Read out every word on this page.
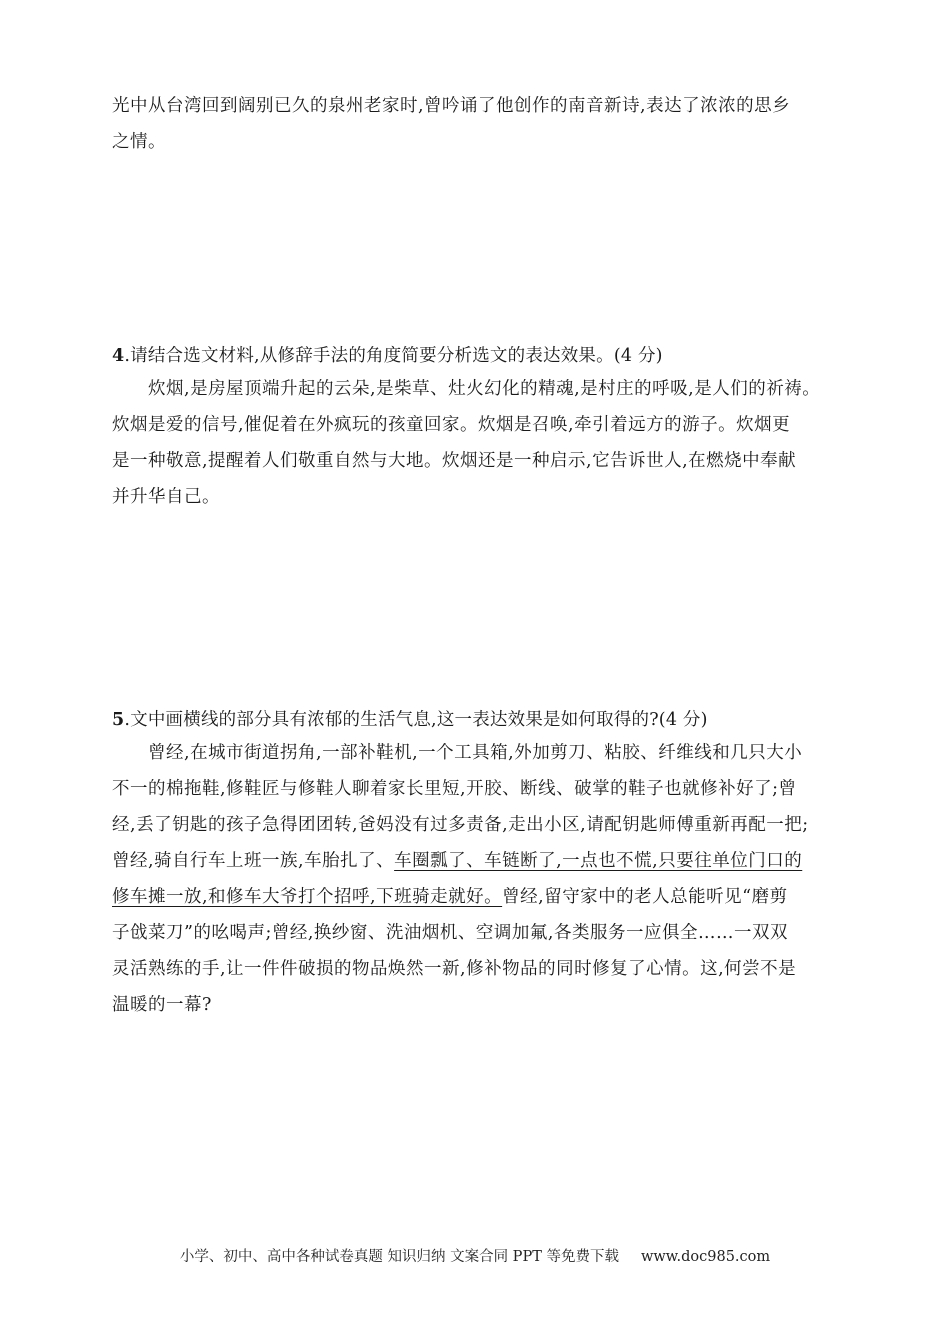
光中从台湾回到阔别已久的泉州老家时,曾吟诵了他创作的南音新诗,表达了浓浓的思乡
之情。
4.请结合选文材料,从修辞手法的角度简要分析选文的表达效果。(4 分)
炊烟,是房屋顶端升起的云朵,是柴草、灶火幻化的精魂,是村庄的呼吸,是人们的祈祷。
炊烟是爱的信号,催促着在外疯玩的孩童回家。炊烟是召唤,牵引着远方的游子。炊烟更
是一种敬意,提醒着人们敬重自然与大地。炊烟还是一种启示,它告诉世人,在燃烧中奉献
并升华自己。
5.文中画横线的部分具有浓郁的生活气息,这一表达效果是如何取得的?(4 分)
曾经,在城市街道拐角,一部补鞋机,一个工具箱,外加剪刀、粘胶、纤维线和几只大小
不一的棉拖鞋,修鞋匠与修鞋人聊着家长里短,开胶、断线、破掌的鞋子也就修补好了;曾
经,丢了钥匙的孩子急得团团转,爸妈没有过多责备,走出小区,请配钥匙师傅重新再配一把;
曾经,骑自行车上班一族,车胎扎了、车圈瓢了、车链断了,一点也不慌,只要往单位门口的
修车摊一放,和修车大爷打个招呼,下班骑走就好。曾经,留守家中的老人总能听见“磨剪
子戗菜刀”的吆喝声;曾经,换纱窗、洗油烟机、空调加氟,各类服务一应俱全……一双双
灵活熟练的手,让一件件破损的物品焕然一新,修补物品的同时修复了心情。这,何尝不是
温暖的一幕?
小学、初中、高中各种试卷真题 知识归纳 文案合同 PPT 等免费下载 www.doc985.com
